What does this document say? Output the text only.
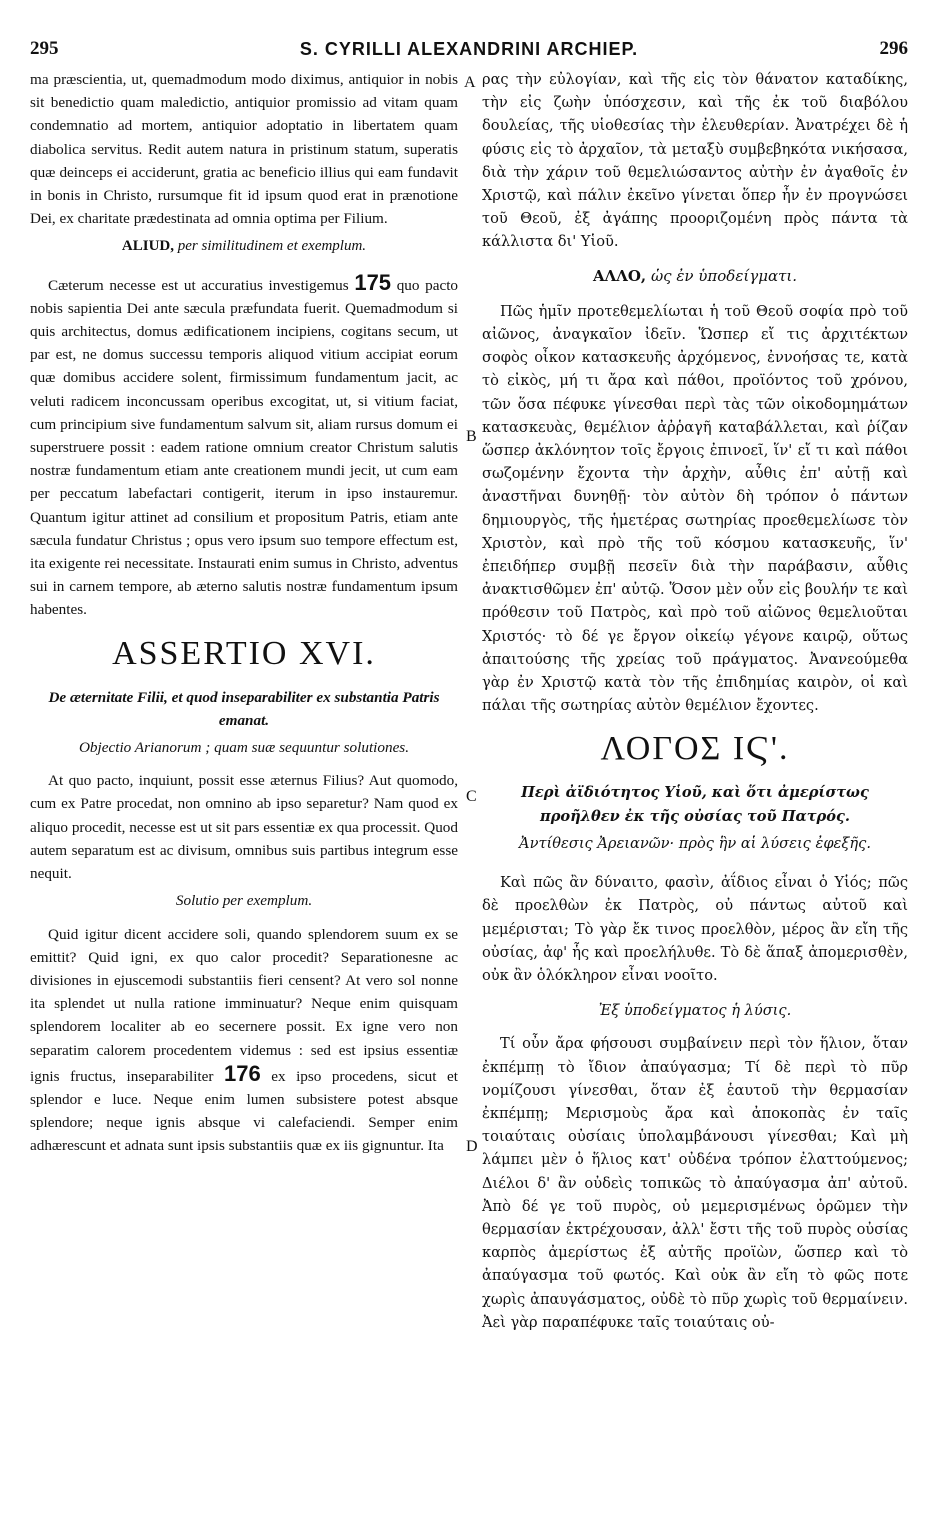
295	S. CYRILLI ALEXANDRINI ARCHIEP.	296
A
B
C
D

ma præscientia, ut, quemadmodum modo diximus, antiquior in nobis sit benedictio quam maledictio, antiquior promissio ad vitam quam condemnatio ad mortem, antiquior adoptatio in libertatem quam diabolica servitus. Redit autem natura in pristinum statum, superatis quæ deinceps ei acciderunt, gratia ac beneficio illius qui eam fundavit in bonis in Christo, rursumque fit id ipsum quod erat in prænotione Dei, ex charitate prædestinata ad omnia optima per Filium.

ALIUD, per similitudinem et exemplum.

Cæterum necesse est ut accuratius investigemus 175 quo pacto nobis sapientia Dei ante sæcula præfundata fuerit. Quemadmodum si quis architectus, domus ædificationem incipiens, cogitans secum, ut par est, ne domus successu temporis aliquod vitium accipiat eorum quæ domibus accidere solent, firmissimum fundamentum jacit, ac veluti radicem inconcussam operibus excogitat, ut, si vitium faciat, cum principium sive fundamentum salvum sit, aliam rursus domum ei superstruere possit : eadem ratione omnium creator Christum salutis nostræ fundamentum etiam ante creationem mundi jecit, ut cum eam per peccatum labefactari contigerit, iterum in ipso instauremur. Quantum igitur attinet ad consilium et propositum Patris, etiam ante sæcula fundatur Christus ; opus vero ipsum suo tempore effectum est, ita exigente rei necessitate. Instaurati enim sumus in Christo, adventus sui in carnem tempore, ab æterno salutis nostræ fundamentum ipsum habentes.

ASSERTIO XVI.
De æternitate Filii, et quod inseparabiliter ex substantia Patris emanat.
Objectio Arianorum ; quam suæ sequuntur solutiones.

At quo pacto, inquiunt, possit esse æternus Filius? Aut quomodo, cum ex Patre procedat, non omnino ab ipso separetur? Nam quod ex aliquo procedit, necesse est ut sit pars essentiæ ex qua processit. Quod autem separatum est ac divisum, omnibus suis partibus integrum esse nequit.

Solutio per exemplum.

Quid igitur dicent accidere soli, quando splendorem suum ex se emittit? Quid igni, ex quo calor procedit? Separationesne ac divisiones in ejuscemodi substantiis fieri censent? At vero sol nonne ita splendet ut nulla ratione imminuatur? Neque enim quisquam splendorem localiter ab eo secernere possit. Ex igne vero non separatim calorem procedentem videmus : sed est ipsius essentiæ ignis fructus, inseparabiliter 176 ex ipso procedens, sicut et splendor e luce. Neque enim lumen subsistere potest absque splendore; neque ignis absque vi calefaciendi. Semper enim adhærescunt et adnata sunt ipsis substantiis quæ ex iis gignuntur. Ita

ρας τὴν εὐλογίαν, καὶ τῆς εἰς τὸν θάνατον καταδίκης, τὴν εἰς ζωὴν ὑπόσχεσιν, καὶ τῆς ἐκ τοῦ διαβόλου δουλείας, τῆς υἱοθεσίας τὴν ἐλευθερίαν. Ἀνατρέχει δὲ ἡ φύσις εἰς τὸ ἀρχαῖον, τὰ μεταξὺ συμβεβηκότα νικήσασα, διὰ τὴν χάριν τοῦ θεμελιώσαντος αὐτὴν ἐν ἀγαθοῖς ἐν Χριστῷ, καὶ πάλιν ἐκεῖνο γίνεται ὅπερ ἦν ἐν προγνώσει τοῦ Θεοῦ, ἐξ ἀγάπης προοριζομένη πρὸς πάντα τὰ κάλλιστα δι' Υἱοῦ.

ΑΛΛΟ, ὡς ἐν ὑποδείγματι.

Πῶς ἡμῖν προτεθεμελίωται ἡ τοῦ Θεοῦ σοφία πρὸ τοῦ αἰῶνος, ἀναγκαῖον ἰδεῖν. Ὥσπερ εἴ τις ἀρχιτέκτων σοφὸς οἶκον κατασκευῆς ἀρχόμενος, ἐννοήσας τε, κατὰ τὸ εἰκὸς, μή τι ἄρα καὶ πάθοι, προϊόντος τοῦ χρόνου, τῶν ὅσα πέφυκε γίνεσθαι περὶ τὰς τῶν οἰκοδομημάτων κατασκευὰς, θεμέλιον ἀῤῥαγῆ καταβάλλεται, καὶ ῥίζαν ὥσπερ ἀκλόνητον τοῖς ἔργοις ἐπινοεῖ, ἵν' εἴ τι καὶ πάθοι σωζομένην ἔχοντα τὴν ἀρχὴν, αὖθις ἐπ' αὐτῇ καὶ ἀναστῆναι δυνηθῇ· τὸν αὐτὸν δὴ τρόπον ὁ πάντων δημιουργὸς, τῆς ἡμετέρας σωτηρίας προεθεμελίωσε τὸν Χριστὸν, καὶ πρὸ τῆς τοῦ κόσμου κατασκευῆς, ἵν' ἐπειδήπερ συμβῇ πεσεῖν διὰ τὴν παράβασιν, αὖθις ἀνακτισθῶμεν ἐπ' αὐτῷ. Ὅσον μὲν οὖν εἰς βουλήν τε καὶ πρόθεσιν τοῦ Πατρὸς, καὶ πρὸ τοῦ αἰῶνος θεμελιοῦται Χριστός· τὸ δέ γε ἔργον οἰκείῳ γέγονε καιρῷ, οὕτως ἀπαιτούσης τῆς χρείας τοῦ πράγματος. Ἀνανεούμεθα γὰρ ἐν Χριστῷ κατὰ τὸν τῆς ἐπιδημίας καιρὸν, οἱ καὶ πάλαι τῆς σωτηρίας αὐτὸν θεμέλιον ἔχοντες.

ΛΟΓΟΣ ΙϚ'.
Περὶ ἀϊδιότητος Υἱοῦ, καὶ ὅτι ἀμερίστως προῆλθεν ἐκ τῆς οὐσίας τοῦ Πατρός.
Ἀντίθεσις Ἀρειανῶν· πρὸς ἣν αἱ λύσεις ἐφεξῆς.

Καὶ πῶς ἂν δύναιτο, φασὶν, ἀΐδιος εἶναι ὁ Υἱός; πῶς δὲ προελθὼν ἐκ Πατρὸς, οὐ πάντως αὐτοῦ καὶ μεμέρισται; Τὸ γὰρ ἔκ τινος προελθὸν, μέρος ἂν εἴη τῆς οὐσίας, ἀφ' ἧς καὶ προελήλυθε. Τὸ δὲ ἅπαξ ἀπομερισθὲν, οὐκ ἂν ὁλόκληρον εἶναι νοοῖτο.

Ἐξ ὑποδείγματος ἡ λύσις.

Τί οὖν ἄρα φήσουσι συμβαίνειν περὶ τὸν ἥλιον, ὅταν ἐκπέμπῃ τὸ ἴδιον ἀπαύγασμα; Τί δὲ περὶ τὸ πῦρ νομίζουσι γίνεσθαι, ὅταν ἐξ ἑαυτοῦ τὴν θερμασίαν ἐκπέμπῃ; Μερισμοὺς ἄρα καὶ ἀποκοπὰς ἐν ταῖς τοιαύταις οὐσίαις ὑπολαμβάνουσι γίνεσθαι; Καὶ μὴ λάμπει μὲν ὁ ἥλιος κατ' οὐδένα τρόπον ἐλαττούμενος; Διέλοι δ' ἂν οὐδεὶς τοπικῶς τὸ ἀπαύγασμα ἀπ' αὐτοῦ. Ἀπὸ δέ γε τοῦ πυρὸς, οὐ μεμερισμένως ὁρῶμεν τὴν θερμασίαν ἐκτρέχουσαν, ἀλλ' ἔστι τῆς τοῦ πυρὸς οὐσίας καρπὸς ἀμερίστως ἐξ αὐτῆς προϊὼν, ὥσπερ καὶ τὸ ἀπαύγασμα τοῦ φωτός. Καὶ οὐκ ἂν εἴη τὸ φῶς ποτε χωρὶς ἀπαυγάσματος, οὐδὲ τὸ πῦρ χωρὶς τοῦ θερμαίνειν. Ἀεὶ γὰρ παραπέφυκε ταῖς τοιαύταις οὐ-
